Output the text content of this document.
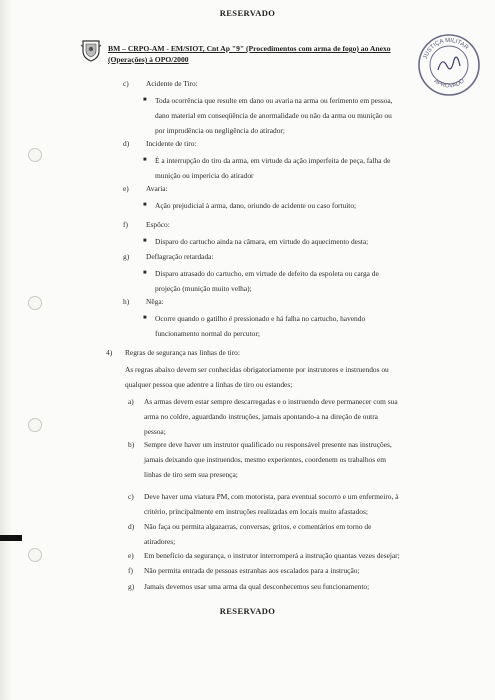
RESERVADO
BM – CRPO-AM - EM/SIOT, Cnt Ap "9" (Procedimentos com arma de fogo) ao Anexo
(Operações) à OPO/2000	JUSTIÇA MILITAR
APROVADO
RESERVADO
c) Acidente de Tiro:
■ Toda ocorrência que resulte em dano ou avaria na arma ou ferimento em pessoa,
dano material em conseqüência de anormalidade ou não da arma ou munição ou
por imprudência ou negligência do atirador;
d) Incidente de tiro:
■ É a interrupção do tiro da arma, em virtude da ação imperfeita de peça, falha de
munição ou impericia do atirador
e) Avaria:
■ Ação prejudicial à arma, dano, oriundo de acidente ou caso fortuito;
f) Espôco:
■ Disparo do cartucho ainda na câmara, em virtude do aquecimento desta;
g) Deflagração retardada:
■ Disparo atrasado do cartucho, em virtude de defeito da espoleta ou carga de
projeção (munição muito velha);
h) Nêga:
■ Ocorre quando o gatilho é pressionado e há falha no cartucho, havendo
funcionamento normal do percutor;
4) Regras de segurança nas linhas de tiro:
As regras abaixo devem ser conhecidas obrigatoriamente por instrutores e instruendos ou
qualquer pessoa que adentre a linhas de tiro ou estandes;
a) As armas devem estar sempre descarregadas e o instruendo deve permanecer com sua
arma no coldre, aguardando instruções, jamais apontando-a na direção de outra
pessoa;
b) Sempre deve haver um instrutor qualificado ou responsável presente nas instruções,
jamais deixando que instruendos, mesmo experientes, coordenem os trabalhos em
linhas de tiro sem sua presença;
c) Deve haver uma viatura PM, com motorista, para eventual socorro e um enfermeiro, à
critério, principalmente em instruções realizadas em locais muito afastados;
d) Não faça ou permita algazarras, conversas, gritos, e comentários em torno de
atiradores;
e) Em benefício da segurança, o instrutor interromperá a instrução quantas vezes desejar;
f) Não permita entrada de pessoas estranhas aos escalados para a instrução;
g) Jamais devemos usar uma arma da qual desconhecemos seu funcionamento;
